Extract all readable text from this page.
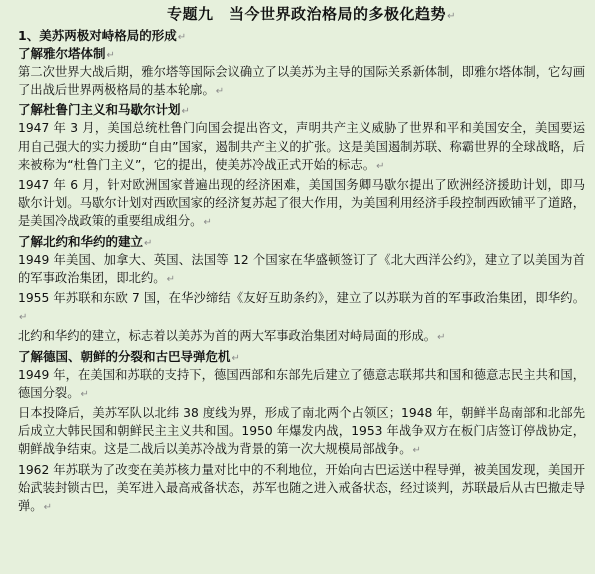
专题九　当今世界政治格局的多极化趋势↵
1、美苏两极对峙格局的形成↵
了解雅尔塔体制↵

第二次世界大战后期，雅尔塔等国际会议确立了以美苏为主导的国际关系新体制，即雅尔塔体制，它勾画了出战后世界两极格局的基本轮廓。↵

了解杜鲁门主义和马歇尔计划↵

1947 年 3 月，美国总统杜鲁门向国会提出咨文，声明共产主义威胁了世界和平和美国安全，美国要运用自己强大的实力援助“自由”国家，遏制共产主义的扩张。这是美国遏制苏联、称霸世界的全球战略，后来被称为“杜鲁门主义”，它的提出，使美苏冷战正式开始的标志。↵

1947 年 6 月，针对欧洲国家普遍出现的经济困难，美国国务卿马歇尔提出了欧洲经济援助计划，即马歇尔计划。马歇尔计划对西欧国家的经济复苏起了很大作用，为美国利用经济手段控制西欧铺平了道路，是美国冷战政策的重要组成组分。↵

了解北约和华约的建立↵

1949 年美国、加拿大、英国、法国等 12 个国家在华盛顿签订了《北大西洋公约》，建立了以美国为首的军事政治集团，即北约。↵

1955 年苏联和东欧 7 国，在华沙缔结《友好互助条约》，建立了以苏联为首的军事政治集团，即华约。↵

北约和华约的建立，标志着以美苏为首的两大军事政治集团对峙局面的形成。↵

了解德国、朝鲜的分裂和古巴导弹危机↵

1949 年，在美国和苏联的支持下，德国西部和东部先后建立了德意志联邦共和国和德意志民主共和国，德国分裂。↵

日本投降后，美苏军队以北纬 38 度线为界，形成了南北两个占领区；1948 年，朝鲜半岛南部和北部先后成立大韩民国和朝鲜民主主义共和国。1950 年爆发内战，1953 年战争双方在板门店签订停战协定，朝鲜战争结束。这是二战后以美苏冷战为背景的第一次大规模局部战争。↵

1962 年苏联为了改变在美苏核力量对比中的不利地位，开始向古巴运送中程导弹，被美国发现，美国开始武装封锁古巴，美军进入最高戒备状态，苏军也随之进入戒备状态，经过谈判，苏联最后从古巴撤走导弹。↵
